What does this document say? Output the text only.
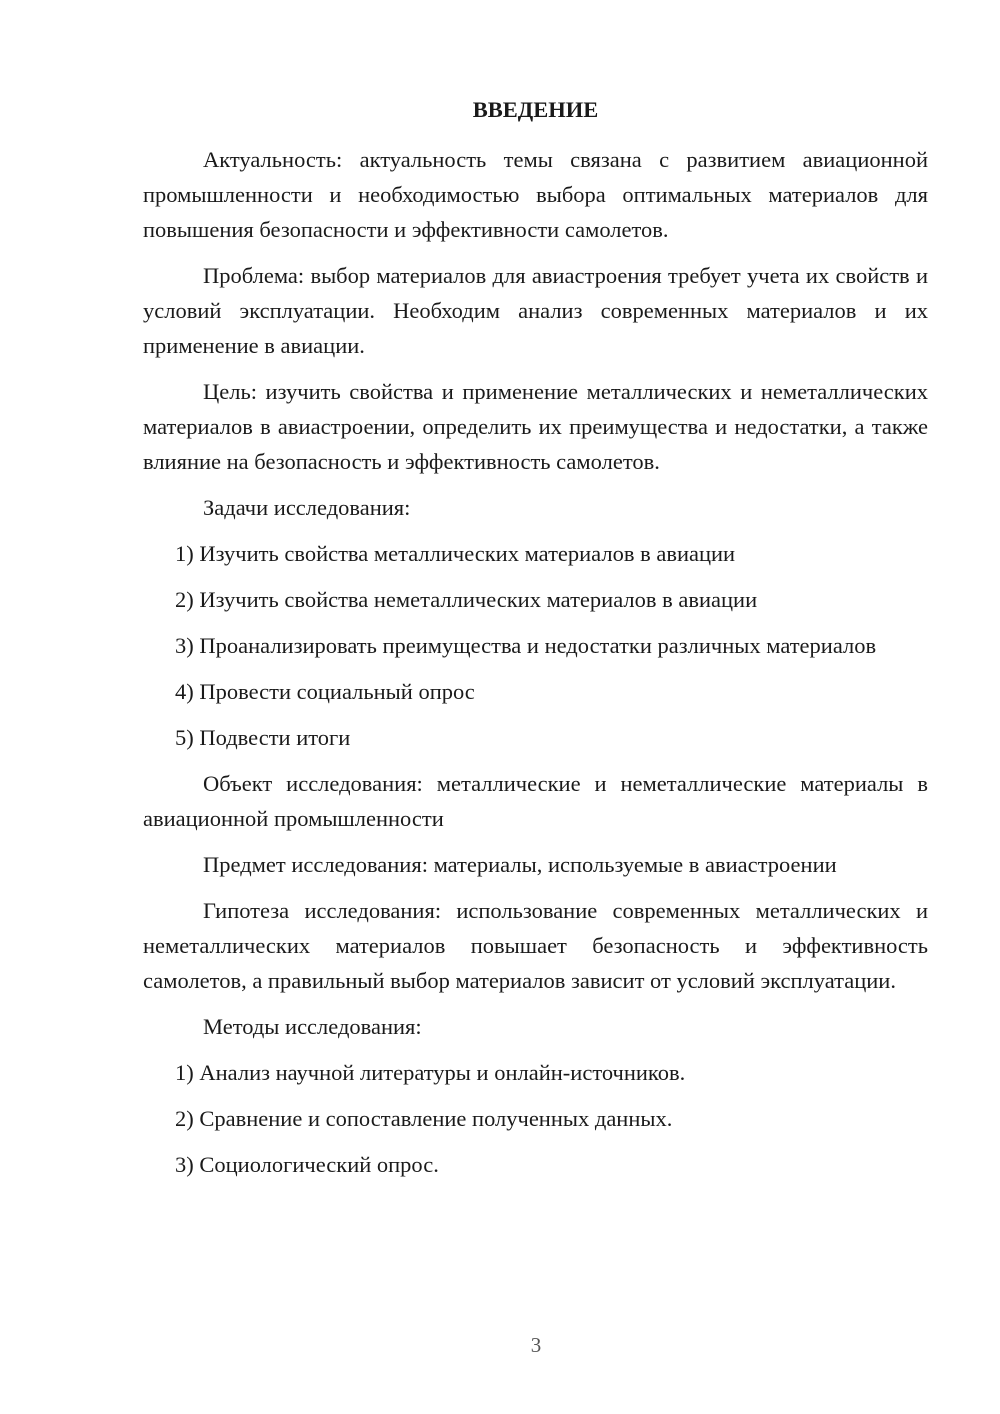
ВВЕДЕНИЕ

Актуальность: актуальность темы связана с развитием авиационной промышленности и необходимостью выбора оптимальных материалов для повышения безопасности и эффективности самолетов.

Проблема: выбор материалов для авиастроения требует учета их свойств и условий эксплуатации. Необходим анализ современных материалов и их применение в авиации.

Цель: изучить свойства и применение металлических и неметаллических материалов в авиастроении, определить их преимущества и недостатки, а также влияние на безопасность и эффективность самолетов.

Задачи исследования:

1) Изучить свойства металлических материалов в авиации

2) Изучить свойства неметаллических материалов в авиации

3) Проанализировать преимущества и недостатки различных материалов

4) Провести социальный опрос

5) Подвести итоги

Объект исследования: металлические и неметаллические материалы в авиационной промышленности

Предмет исследования: материалы, используемые в авиастроении

Гипотеза исследования: использование современных металлических и неметаллических материалов повышает безопасность и эффективность самолетов, а правильный выбор материалов зависит от условий эксплуатации.

Методы исследования:

1) Анализ научной литературы и онлайн-источников.

2) Сравнение и сопоставление полученных данных.

3) Социологический опрос.

3
